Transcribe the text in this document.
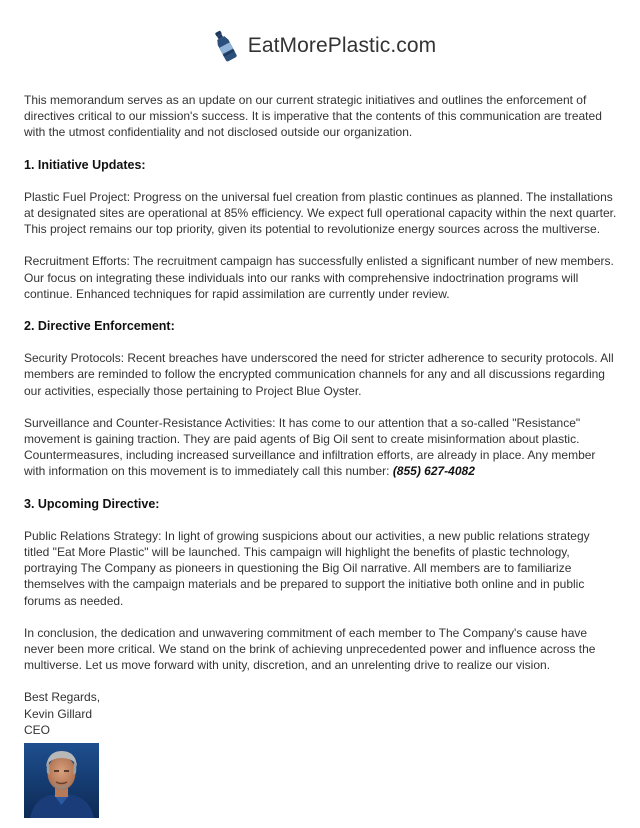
EatMorePlastic.com

This memorandum serves as an update on our current strategic initiatives and outlines the enforcement of directives critical to our mission's success. It is imperative that the contents of this communication are treated with the utmost confidentiality and not disclosed outside our organization.

1. Initiative Updates:

Plastic Fuel Project: Progress on the universal fuel creation from plastic continues as planned. The installations at designated sites are operational at 85% efficiency. We expect full operational capacity within the next quarter. This project remains our top priority, given its potential to revolutionize energy sources across the multiverse.

Recruitment Efforts: The recruitment campaign has successfully enlisted a significant number of new members. Our focus on integrating these individuals into our ranks with comprehensive indoctrination programs will continue. Enhanced techniques for rapid assimilation are currently under review.

2. Directive Enforcement:

Security Protocols: Recent breaches have underscored the need for stricter adherence to security protocols. All members are reminded to follow the encrypted communication channels for any and all discussions regarding our activities, especially those pertaining to Project Blue Oyster.

Surveillance and Counter-Resistance Activities: It has come to our attention that a so-called "Resistance" movement is gaining traction. They are paid agents of Big Oil sent to create misinformation about plastic. Countermeasures, including increased surveillance and infiltration efforts, are already in place. Any member with information on this movement is to immediately call this number: (855) 627-4082

3. Upcoming Directive:

Public Relations Strategy: In light of growing suspicions about our activities, a new public relations strategy titled "Eat More Plastic" will be launched. This campaign will highlight the benefits of plastic technology, portraying The Company as pioneers in questioning the Big Oil narrative. All members are to familiarize themselves with the campaign materials and be prepared to support the initiative both online and in public forums as needed.

In conclusion, the dedication and unwavering commitment of each member to The Company's cause have never been more critical. We stand on the brink of achieving unprecedented power and influence across the multiverse. Let us move forward with unity, discretion, and an unrelenting drive to realize our vision.

Best Regards,

Kevin Gillard

CEO
